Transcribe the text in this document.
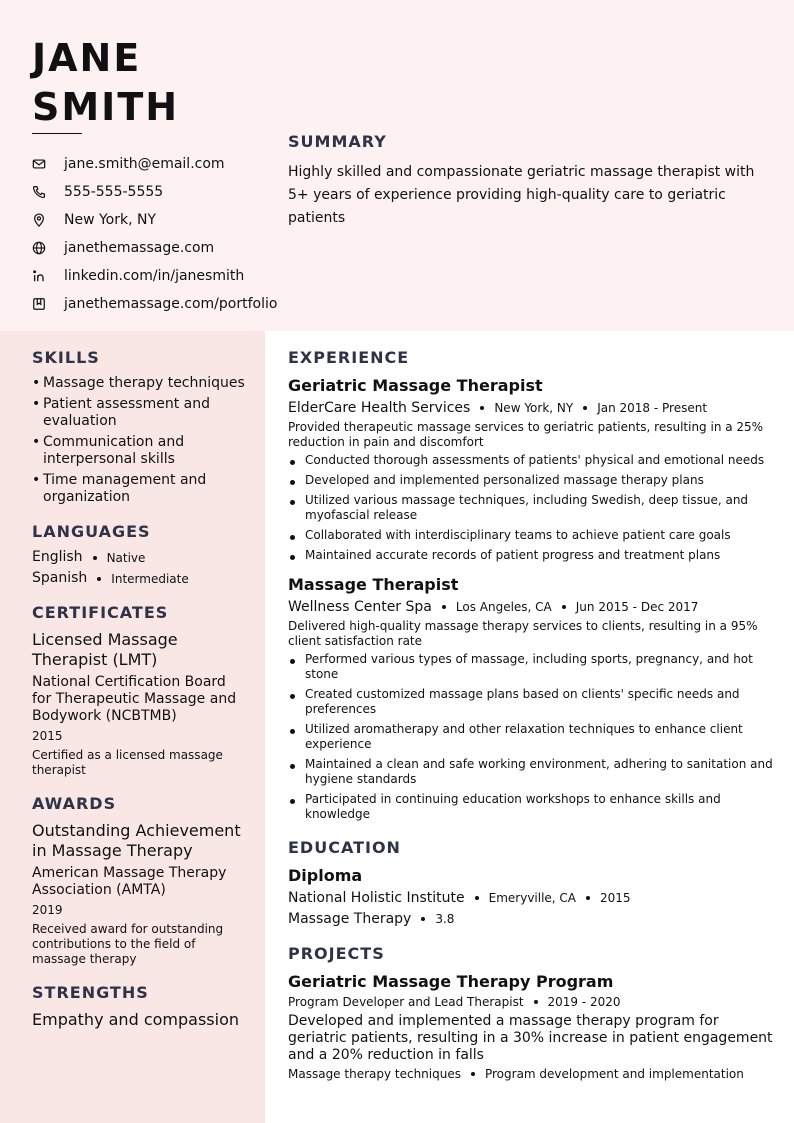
JANE
SMITH
jane.smith@email.com
555-555-5555
New York, NY
janethemassage.com
linkedin.com/in/janesmith
janethemassage.com/portfolio
SUMMARY

Highly skilled and compassionate geriatric massage therapist with 5+ years of experience providing high-quality care to geriatric patients

SKILLS
• Massage therapy techniques
• Patient assessment and evaluation
• Communication and interpersonal skills
• Time management and organization
LANGUAGES
English Native
Spanish Intermediate
CERTIFICATES
Licensed Massage Therapist (LMT)
National Certification Board for Therapeutic Massage and Bodywork (NCBTMB)
2015
Certified as a licensed massage therapist
AWARDS
Outstanding Achievement in Massage Therapy
American Massage Therapy Association (AMTA)
2019
Received award for outstanding contributions to the field of massage therapy
STRENGTHS
Empathy and compassion
EXPERIENCE
Geriatric Massage Therapist
ElderCare Health Services New York, NY Jan 2018 - Present
Provided therapeutic massage services to geriatric patients, resulting in a 25% reduction in pain and discomfort
Conducted thorough assessments of patients' physical and emotional needs
Developed and implemented personalized massage therapy plans
Utilized various massage techniques, including Swedish, deep tissue, and myofascial release
Collaborated with interdisciplinary teams to achieve patient care goals
Maintained accurate records of patient progress and treatment plans
Massage Therapist
Wellness Center Spa Los Angeles, CA Jun 2015 - Dec 2017
Delivered high-quality massage therapy services to clients, resulting in a 95% client satisfaction rate
Performed various types of massage, including sports, pregnancy, and hot stone
Created customized massage plans based on clients' specific needs and preferences
Utilized aromatherapy and other relaxation techniques to enhance client experience
Maintained a clean and safe working environment, adhering to sanitation and hygiene standards
Participated in continuing education workshops to enhance skills and knowledge
EDUCATION
Diploma
National Holistic Institute Emeryville, CA 2015
Massage Therapy 3.8
PROJECTS
Geriatric Massage Therapy Program
Program Developer and Lead Therapist 2019 - 2020
Developed and implemented a massage therapy program for geriatric patients, resulting in a 30% increase in patient engagement and a 20% reduction in falls
Massage therapy techniques Program development and implementation
